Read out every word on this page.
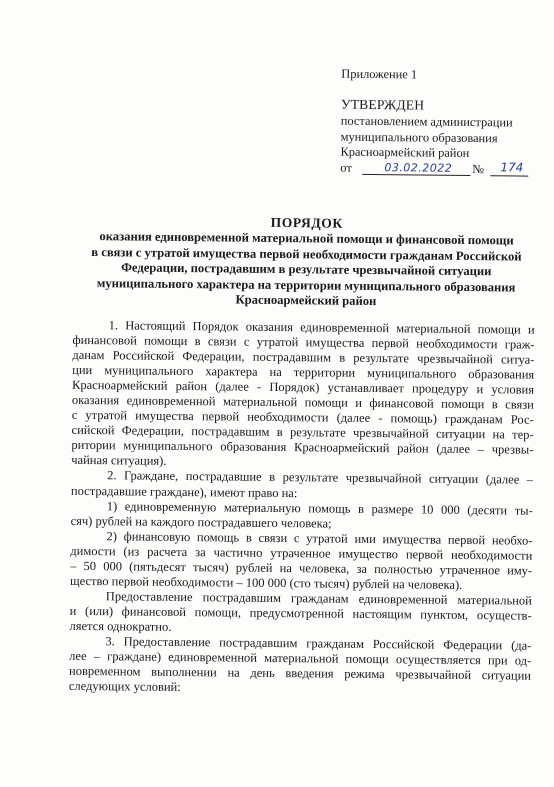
Приложение 1
УТВЕРЖДЕН
постановлением администрации
муниципального образования
Красноармейский район
от	03.02.2022 № 174
ПОРЯДОК
оказания единовременной материальной помощи и финансовой помощи
в связи с утратой имущества первой необходимости гражданам Российской
Федерации, пострадавшим в результате чрезвычайной ситуации
муниципального характера на территории муниципального образования
Красноармейский район
1. Настоящий Порядок оказания единовременной материальной помощи и
финансовой помощи в связи с утратой имущества первой необходимости граж-
данам Российской Федерации, пострадавшим в результате чрезвычайной ситуа-
ции муниципального характера на территории муниципального образования
Красноармейский район (далее - Порядок) устанавливает процедуру и условия
оказания единовременной материальной помощи и финансовой помощи в связи
с утратой имущества первой необходимости (далее - помощь) гражданам Рос-
сийской Федерации, пострадавшим в результате чрезвычайной ситуации на тер-
ритории муниципального образования Красноармейский район (далее – чрезвы-
чайная ситуация).
2. Граждане, пострадавшие в результате чрезвычайной ситуации (далее –
пострадавшие граждане), имеют право на:
1) единовременную материальную помощь в размере 10 000 (десяти ты-
сяч) рублей на каждого пострадавшего человека;
2) финансовую помощь в связи с утратой ими имущества первой необхо-
димости (из расчета за частично утраченное имущество первой необходимости
– 50 000 (пятьдесят тысяч) рублей на человека, за полностью утраченное иму-
щество первой необходимости – 100 000 (сто тысяч) рублей на человека).
Предоставление пострадавшим гражданам единовременной материальной
и (или) финансовой помощи, предусмотренной настоящим пунктом, осуществ-
ляется однократно.
3. Предоставление пострадавшим гражданам Российской Федерации (да-
лее – граждане) единовременной материальной помощи осуществляется при од-
новременном выполнении на день введения режима чрезвычайной ситуации
следующих условий:
